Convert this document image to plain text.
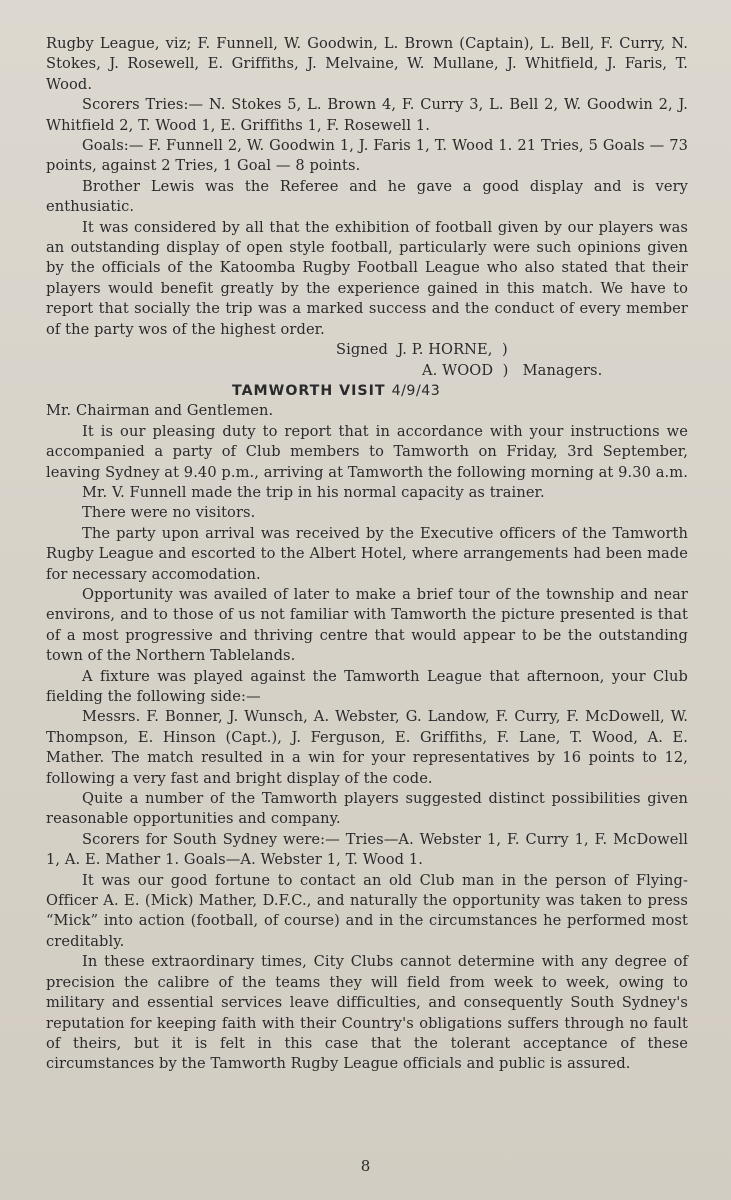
Rugby League, viz; F. Funnell, W. Goodwin, L. Brown (Captain), L. Bell, F. Curry, N. Stokes, J. Rosewell, E. Griffiths, J. Melvaine, W. Mullane, J. Whitfield, J. Faris, T. Wood.

Scorers Tries:— N. Stokes 5, L. Brown 4, F. Curry 3, L. Bell 2, W. Goodwin 2, J. Whitfield 2, T. Wood 1, E. Griffiths 1, F. Rosewell 1.

Goals:— F. Funnell 2, W. Goodwin 1, J. Faris 1, T. Wood 1. 21 Tries, 5 Goals — 73 points, against 2 Tries, 1 Goal — 8 points.

Brother Lewis was the Referee and he gave a good display and is very enthusiatic.

It was considered by all that the exhibition of football given by our players was an outstanding display of open style football, particularly were such opinions given by the officials of the Katoomba Rugby Football League who also stated that their players would benefit greatly by the experience gained in this match. We have to report that socially the trip was a marked success and the conduct of every member of the party wos of the highest order.

Signed  J. P. HORNE,  )

A. WOOD  )   Managers.

TAMWORTH VISIT 4/9/43

Mr. Chairman and Gentlemen.

It is our pleasing duty to report that in accordance with your instructions we accompanied a party of Club members to Tamworth on Friday, 3rd September, leaving Sydney at 9.40 p.m., arriving at Tamworth the following morning at 9.30 a.m.

Mr. V. Funnell made the trip in his normal capacity as trainer.

There were no visitors.

The party upon arrival was received by the Executive officers of the Tamworth Rugby League and escorted to the Albert Hotel, where arrangements had been made for necessary accomodation.

Opportunity was availed of later to make a brief tour of the township and near environs, and to those of us not familiar with Tamworth the picture presented is that of a most progressive and thriving centre that would appear to be the outstanding town of the Northern Tablelands.

A fixture was played against the Tamworth League that afternoon, your Club fielding the following side:—

Messrs. F. Bonner, J. Wunsch, A. Webster, G. Landow, F. Curry, F. McDowell, W. Thompson, E. Hinson (Capt.), J. Ferguson, E. Griffiths, F. Lane, T. Wood, A. E. Mather. The match resulted in a win for your representatives by 16 points to 12, following a very fast and bright display of the code.

Quite a number of the Tamworth players suggested distinct possibilities given reasonable opportunities and company.

Scorers for South Sydney were:— Tries—A. Webster 1, F. Curry 1, F. McDowell 1, A. E. Mather 1. Goals—A. Webster 1, T. Wood 1.

It was our good fortune to contact an old Club man in the person of Flying-Officer A. E. (Mick) Mather, D.F.C., and naturally the opportunity was taken to press “Mick” into action (football, of course) and in the circumstances he performed most creditably.

In these extraordinary times, City Clubs cannot determine with any degree of precision the calibre of the teams they will field from week to week, owing to military and essential services leave difficulties, and consequently South Sydney's reputation for keeping faith with their Country's obligations suffers through no fault of theirs, but it is felt in this case that the tolerant acceptance of these circumstances by the Tamworth Rugby League officials and public is assured.

8
